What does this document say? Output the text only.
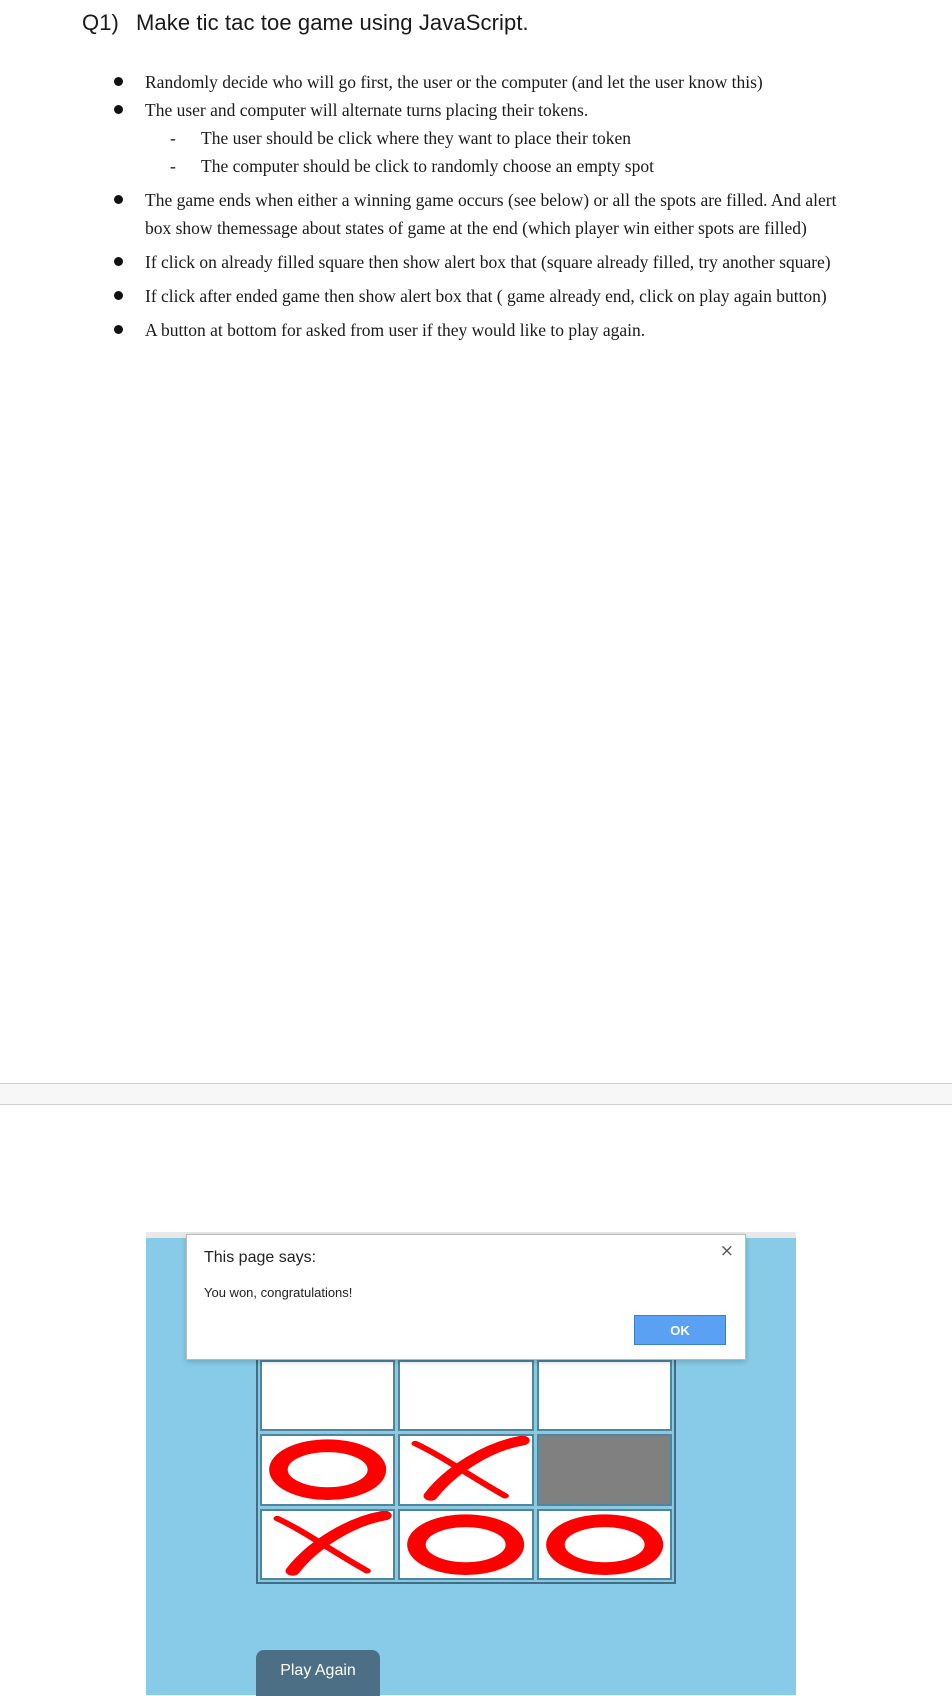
Q1) Make tic tac toe game using JavaScript.
Randomly decide who will go first, the user or the computer (and let the user know this)
The user and computer will alternate turns placing their tokens.
- The user should be click where they want to place their token
- The computer should be click to randomly choose an empty spot
The game ends when either a winning game occurs (see below) or all the spots are filled. And alert box show themessage about states of game at the end (which player win either spots are filled)
If click on already filled square then show alert box that (square already filled, try another square)
If click after ended game then show alert box that ( game already end, click on play again button)
A button at bottom for asked from user if they would like to play again.
Play Again
This page says:
You won, congratulations!
×
OK
